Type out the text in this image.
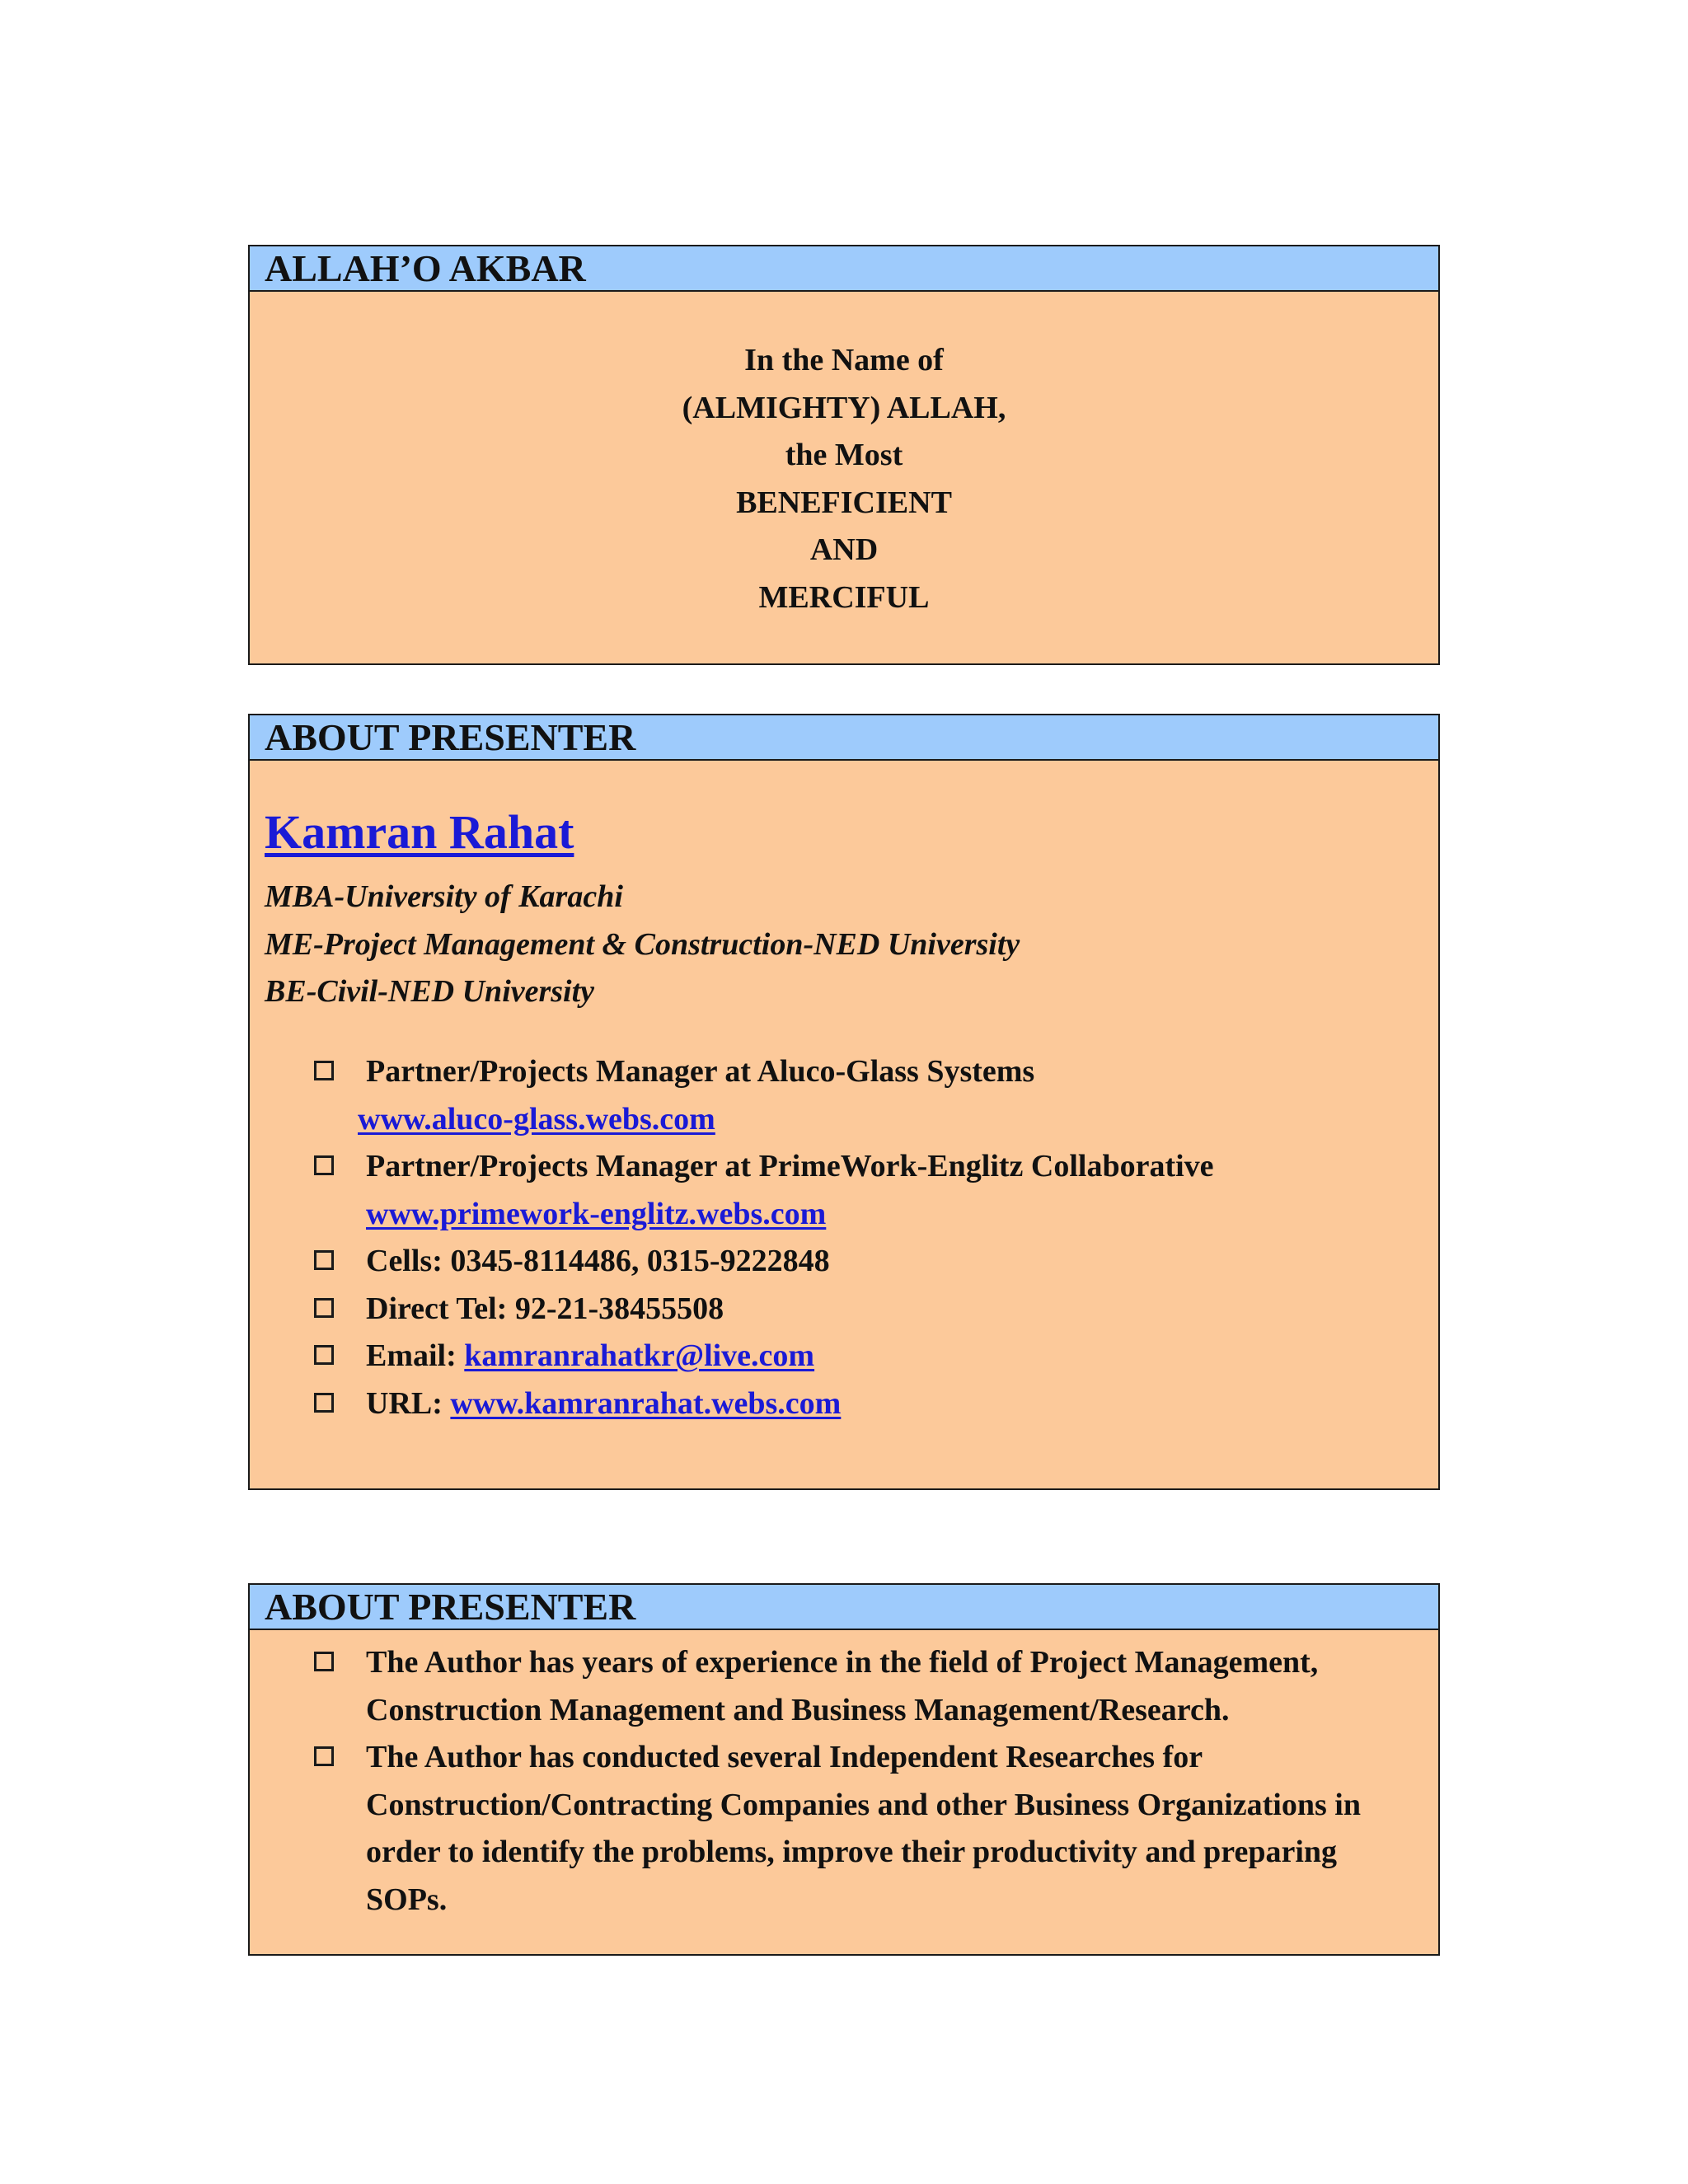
ALLAH’O AKBAR
In the Name of
(ALMIGHTY) ALLAH,
the Most
BENEFICIENT
AND
MERCIFUL
ABOUT PRESENTER
Kamran Rahat
MBA-University of Karachi
ME-Project Management & Construction-NED University
BE-Civil-NED University
Partner/Projects Manager at Aluco-Glass Systems
www.aluco-glass.webs.com
Partner/Projects Manager at PrimeWork-Englitz Collaborative
www.primework-englitz.webs.com
Cells: 0345-8114486, 0315-9222848
Direct Tel: 92-21-38455508
Email: kamranrahatkr@live.com
URL: www.kamranrahat.webs.com
ABOUT PRESENTER
The Author has years of experience in the field of Project Management, Construction Management and Business Management/Research.
The Author has conducted several Independent Researches for Construction/Contracting Companies and other Business Organizations in order to identify the problems, improve their productivity and preparing SOPs.
